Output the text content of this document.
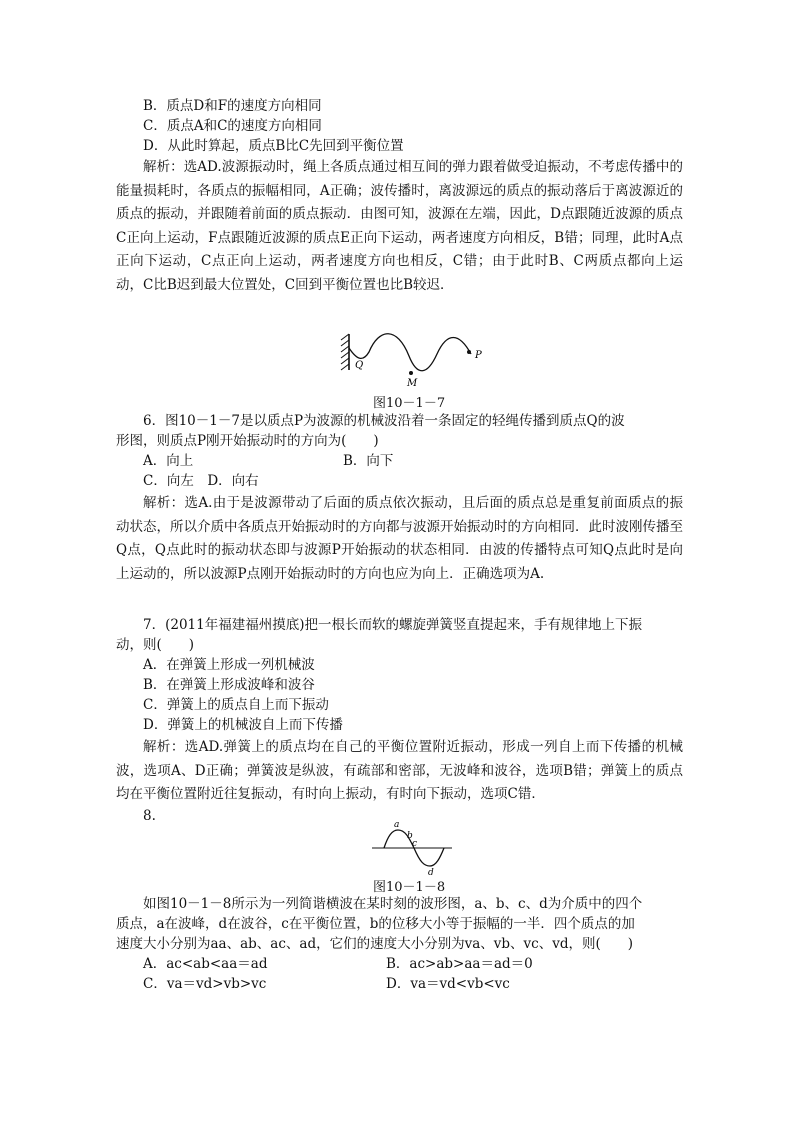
B．质点D和F的速度方向相同
C．质点A和C的速度方向相同
D．从此时算起，质点B比C先回到平衡位置
解析：选AD.波源振动时，绳上各质点通过相互间的弹力跟着做受迫振动，不考虑传播中的能量损耗时，各质点的振幅相同，A正确；波传播时，离波源远的质点的振动落后于离波源近的质点的振动，并跟随着前面的质点振动．由图可知，波源在左端，因此，D点跟随近波源的质点C正向上运动，F点跟随近波源的质点E正向下运动，两者速度方向相反，B错；同理，此时A点正向下运动，C点正向上运动，两者速度方向也相反，C错；由于此时B、C两质点都向上运动，C比B迟到最大位置处，C回到平衡位置也比B较迟．
Q
M
P
图10－1－7
6．图10－1－7是以质点P为波源的机械波沿着一条固定的轻绳传播到质点Q的波
形图，则质点P刚开始振动时的方向为(　　)
A．向上	B．向下
C．向左　D．向右
解析：选A.由于是波源带动了后面的质点依次振动，且后面的质点总是重复前面质点的振动状态，所以介质中各质点开始振动时的方向都与波源开始振动时的方向相同．此时波刚传播至Q点，Q点此时的振动状态即与波源P开始振动的状态相同．由波的传播特点可知Q点此时是向上运动的，所以波源P点刚开始振动时的方向也应为向上．正确选项为A.
7．(2011年福建福州摸底)把一根长而软的螺旋弹簧竖直提起来，手有规律地上下振
动，则(　　)
A．在弹簧上形成一列机械波
B．在弹簧上形成波峰和波谷
C．弹簧上的质点自上而下振动
D．弹簧上的机械波自上而下传播
解析：选AD.弹簧上的质点均在自己的平衡位置附近振动，形成一列自上而下传播的机械波，选项A、D正确；弹簧波是纵波，有疏部和密部，无波峰和波谷，选项B错；弹簧上的质点均在平衡位置附近往复振动，有时向上振动，有时向下振动，选项C错．
8.
a
b
c
d
图10－1－8
如图10－1－8所示为一列简谐横波在某时刻的波形图，a、b、c、d为介质中的四个
质点，a在波峰，d在波谷，c在平衡位置，b的位移大小等于振幅的一半．四个质点的加
速度大小分别为aa、ab、ac、ad，它们的速度大小分别为va、vb、vc、vd，则(　　)
A．ac<ab<aa＝ad	B．ac>ab>aa＝ad＝0
C．va＝vd>vb>vc	D．va＝vd<vb<vc
